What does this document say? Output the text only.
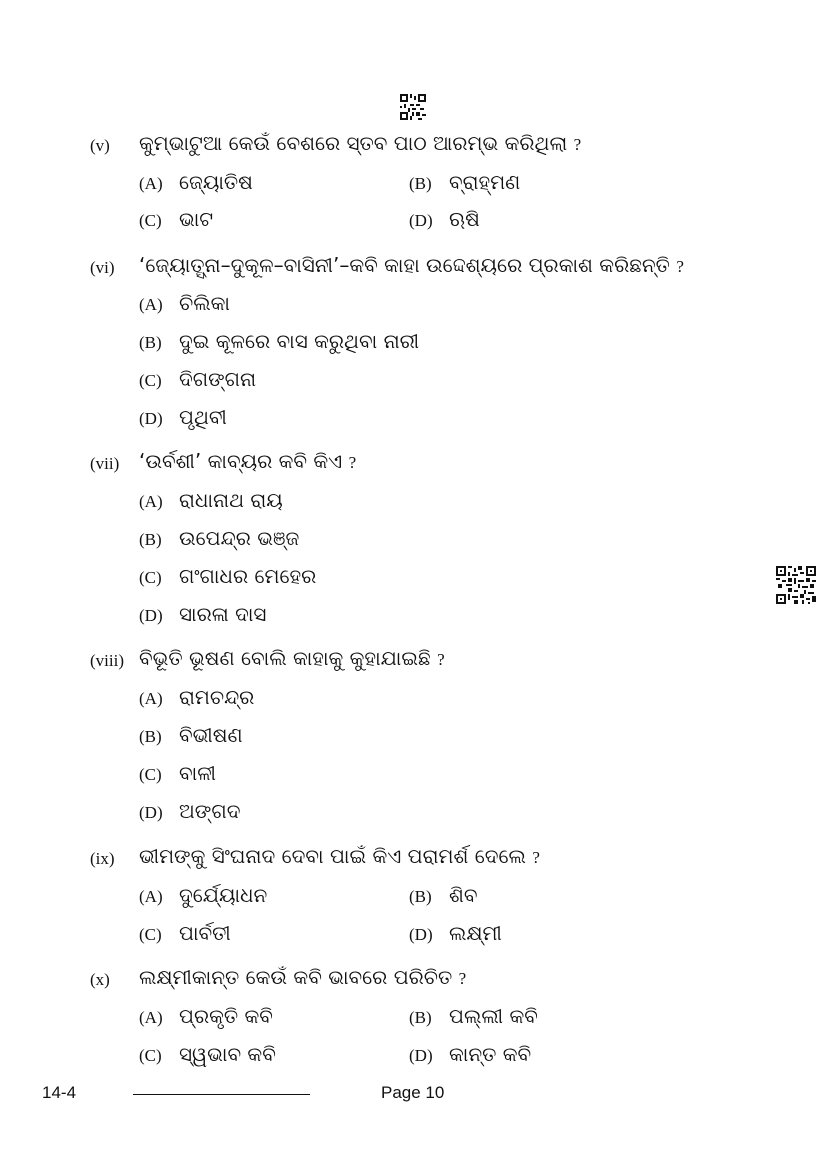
(v) କୁମ୍ଭାଟୁଆ କେଉଁ ବେଶରେ ସ୍ତବ ପାଠ ଆରମ୍ଭ କରିଥିଲା ?
(A) ଜ୍ୟୋତିଷ	(B) ବ୍ରାହ୍ମଣ
(C) ଭାଟ	(D) ଋଷି
(vi) ‘ଜ୍ୟୋତ୍ସ୍ନା–ଦୁକୂଳ–ବାସିନୀ’–କବି କାହା ଉଦ୍ଦେଶ୍ୟରେ ପ୍ରକାଶ କରିଛନ୍ତି ?
(A) ଚିଲିକା
(B) ଦୁଇ କୂଳରେ ବାସ କରୁଥିବା ନାରୀ
(C) ଦିଗଙ୍ଗନା
(D) ପୃଥିବୀ
(vii) ‘ଉର୍ବଶୀ’ କାବ୍ୟର କବି କିଏ ?
(A) ରାଧାନାଥ ରାୟ
(B) ଉପେନ୍ଦ୍ର ଭଞ୍ଜ
(C) ଗଂଗାଧର ମେହେର
(D) ସାରଳା ଦାସ
(viii) ବିଭୂତି ଭୂଷଣ ବୋଲି କାହାକୁ କୁହାଯାଇଛି ?
(A) ରାମଚନ୍ଦ୍ର
(B) ବିଭୀଷଣ
(C) ବାଳୀ
(D) ଅଙ୍ଗଦ
(ix) ଭୀମଙ୍କୁ ସିଂଘନାଦ ଦେବା ପାଇଁ କିଏ ପରାମର୍ଶ ଦେଲେ ?
(A) ଦୁର୍ଯ୍ୟୋଧନ	(B) ଶିବ
(C) ପାର୍ବତୀ	(D) ଲକ୍ଷ୍ମୀ
(x) ଲକ୍ଷ୍ମୀକାନ୍ତ କେଉଁ କବି ଭାବରେ ପରିଚିତ ?
(A) ପ୍ରକୃତି କବି	(B) ପଲ୍ଲୀ କବି
(C) ସ୍ୱଭାବ କବି	(D) କାନ୍ତ କବି
14-4	Page 10
